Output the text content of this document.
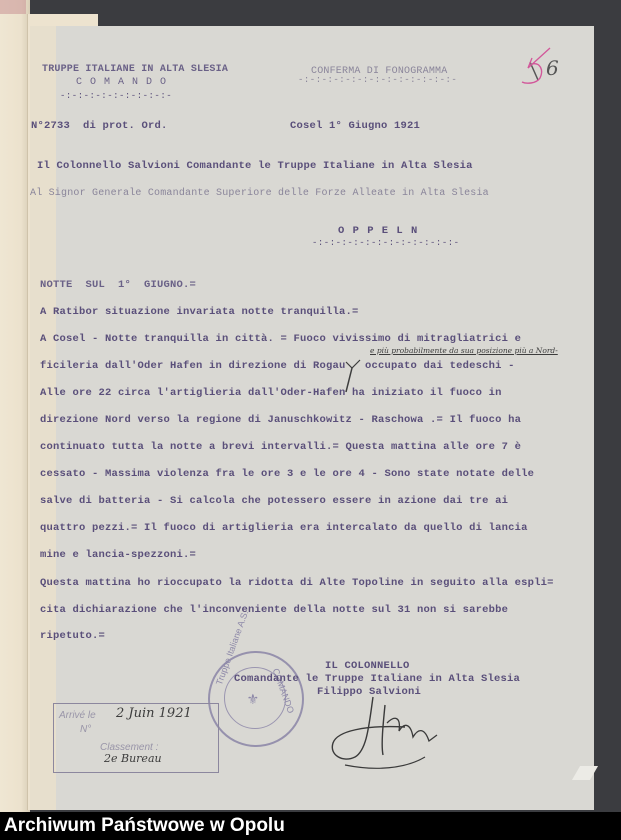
TRUPPE ITALIANE IN ALTA SLESIA
C O M A N D O
-:-:-:-:-:-:-:-:-:-
CONFERMA DI FONOGRAMMA
-:-:-:-:-:-:-:-:-:-:-:-:-:-	6
N°2733  di prot. Ord.	Cosel 1° Giugno 1921
Il Colonnello Salvioni Comandante le Truppe Italiane in Alta Slesia
Al Signor Generale Comandante Superiore delle Forze Alleate in Alta Slesia
O P P E L N
-:-:-:-:-:-:-:-:-:-:-:-:-
NOTTE  SUL  1°  GIUGNO.=
A Ratibor situazione invariata notte tranquilla.=
A Cosel - Notte tranquilla in città. = Fuoco vivissimo di mitragliatrici e
ficileria dall'Oder Hafen in direzione di Rogau   occupato dai tedeschi -
e più probabilmente da sua posizione più a Nord-
Alle ore 22 circa l'artiglieria dall'Oder-Hafen ha iniziato il fuoco in
direzione Nord verso la regione di Januschkowitz - Raschowa .= Il fuoco ha
continuato tutta la notte a brevi intervalli.= Questa mattina alle ore 7 è
cessato - Massima violenza fra le ore 3 e le ore 4 - Sono state notate delle
salve di batteria - Si calcola che potessero essere in azione dai tre ai
quattro pezzi.= Il fuoco di artiglieria era intercalato da quello di lancia
mine e lancia-spezzoni.=
Questa mattina ho rioccupato la ridotta di Alte Topoline in seguito alla espli=
cita dichiarazione che l'inconveniente della notte sul 31 non si sarebbe
ripetuto.=	Truppe Italiane A.S.
COMANDO
⚜
IL COLONNELLO
Comandante le Truppe Italiane in Alta Slesia
Filippo Salvioni
Arrivé le 2 Juin 1921
N°
Classement :
2e Bureau
Archiwum Państwowe w Opolu
